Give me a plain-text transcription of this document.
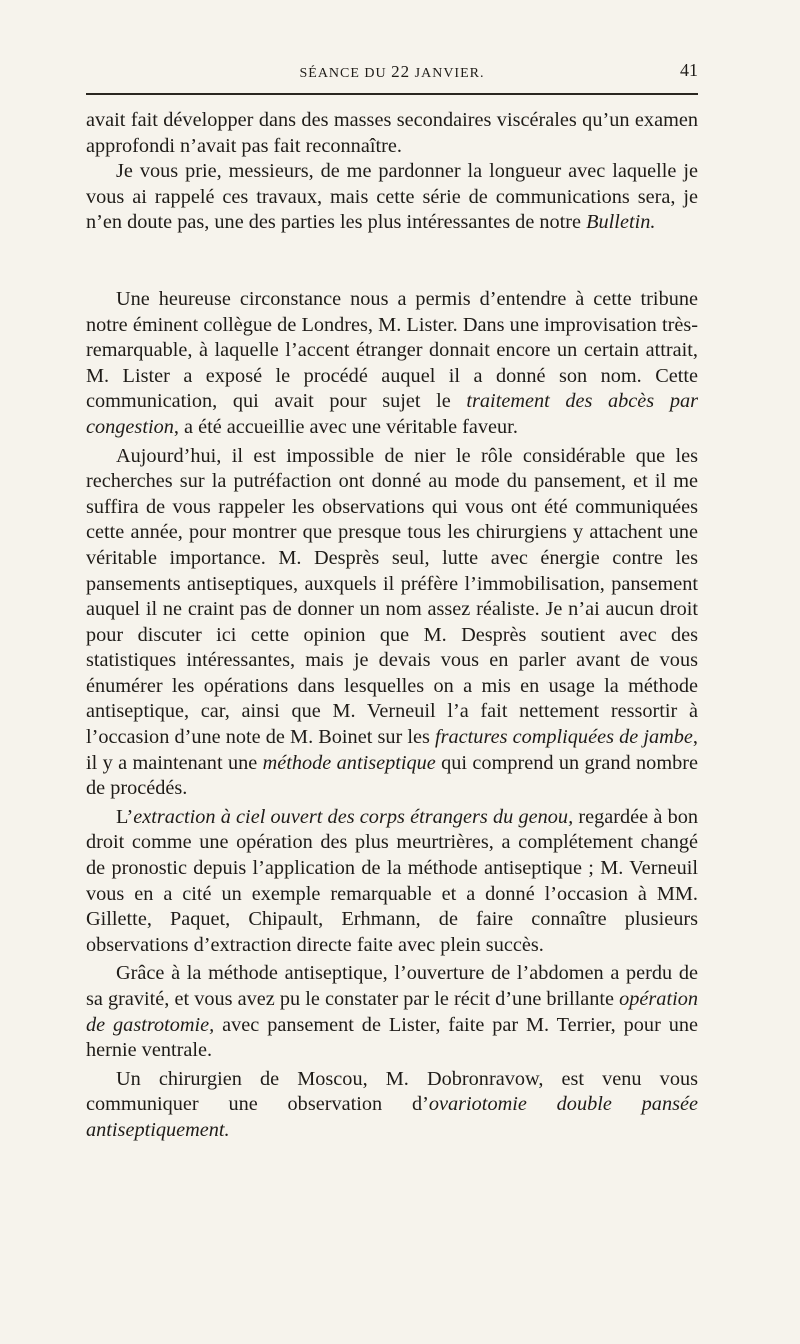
SÉANCE DU 22 JANVIER.	41

avait fait développer dans des masses secondaires viscérales qu’un examen approfondi n’avait pas fait reconnaître.

Je vous prie, messieurs, de me pardonner la longueur avec laquelle je vous ai rappelé ces travaux, mais cette série de communications sera, je n’en doute pas, une des parties les plus intéressantes de notre Bulletin.

Une heureuse circonstance nous a permis d’entendre à cette tribune notre éminent collègue de Londres, M. Lister. Dans une improvisation très-remarquable, à laquelle l’accent étranger donnait encore un certain attrait, M. Lister a exposé le procédé auquel il a donné son nom. Cette communication, qui avait pour sujet le traitement des abcès par congestion, a été accueillie avec une véritable faveur.

Aujourd’hui, il est impossible de nier le rôle considérable que les recherches sur la putréfaction ont donné au mode du pansement, et il me suffira de vous rappeler les observations qui vous ont été communiquées cette année, pour montrer que presque tous les chirurgiens y attachent une véritable importance. M. Desprès seul, lutte avec énergie contre les pansements antiseptiques, auxquels il préfère l’immobilisation, pansement auquel il ne craint pas de donner un nom assez réaliste. Je n’ai aucun droit pour discuter ici cette opinion que M. Desprès soutient avec des statistiques intéressantes, mais je devais vous en parler avant de vous énumérer les opérations dans lesquelles on a mis en usage la méthode antiseptique, car, ainsi que M. Verneuil l’a fait nettement ressortir à l’occasion d’une note de M. Boinet sur les fractures compliquées de jambe, il y a maintenant une méthode antiseptique qui comprend un grand nombre de procédés.

L’extraction à ciel ouvert des corps étrangers du genou, regardée à bon droit comme une opération des plus meurtrières, a complétement changé de pronostic depuis l’application de la méthode antiseptique ; M. Verneuil vous en a cité un exemple remarquable et a donné l’occasion à MM. Gillette, Paquet, Chipault, Erhmann, de faire connaître plusieurs observations d’extraction directe faite avec plein succès.

Grâce à la méthode antiseptique, l’ouverture de l’abdomen a perdu de sa gravité, et vous avez pu le constater par le récit d’une brillante opération de gastrotomie, avec pansement de Lister, faite par M. Terrier, pour une hernie ventrale.

Un chirurgien de Moscou, M. Dobronravow, est venu vous communiquer une observation d’ovariotomie double pansée antiseptiquement.
